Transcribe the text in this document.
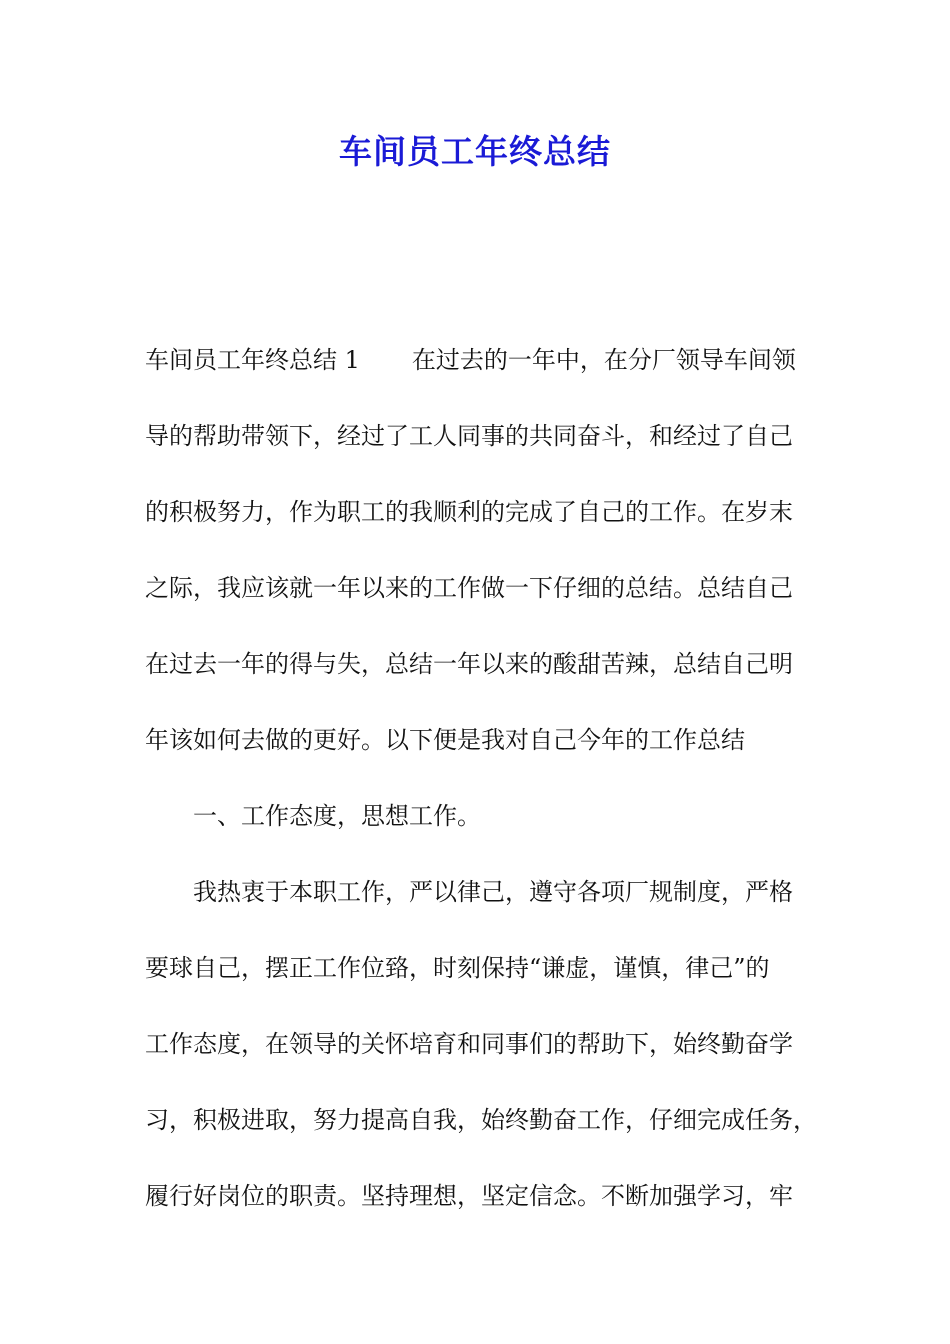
车间员工年终总结
车间员工年终总结 1 在过去的一年中，在分厂领导车间领
导的帮助带领下，经过了工人同事的共同奋斗，和经过了自己
的积极努力，作为职工的我顺利的完成了自己的工作。在岁末
之际，我应该就一年以来的工作做一下仔细的总结。总结自己
在过去一年的得与失，总结一年以来的酸甜苦辣，总结自己明
年该如何去做的更好。以下便是我对自己今年的工作总结
一、工作态度，思想工作。
我热衷于本职工作，严以律己，遵守各项厂规制度，严格
要球自己，摆正工作位臵，时刻保持“谦虚，谨慎，律己”的
工作态度，在领导的关怀培育和同事们的帮助下，始终勤奋学
习，积极进取，努力提高自我，始终勤奋工作，仔细完成任务，
履行好岗位的职责。坚持理想，坚定信念。不断加强学习，牢
